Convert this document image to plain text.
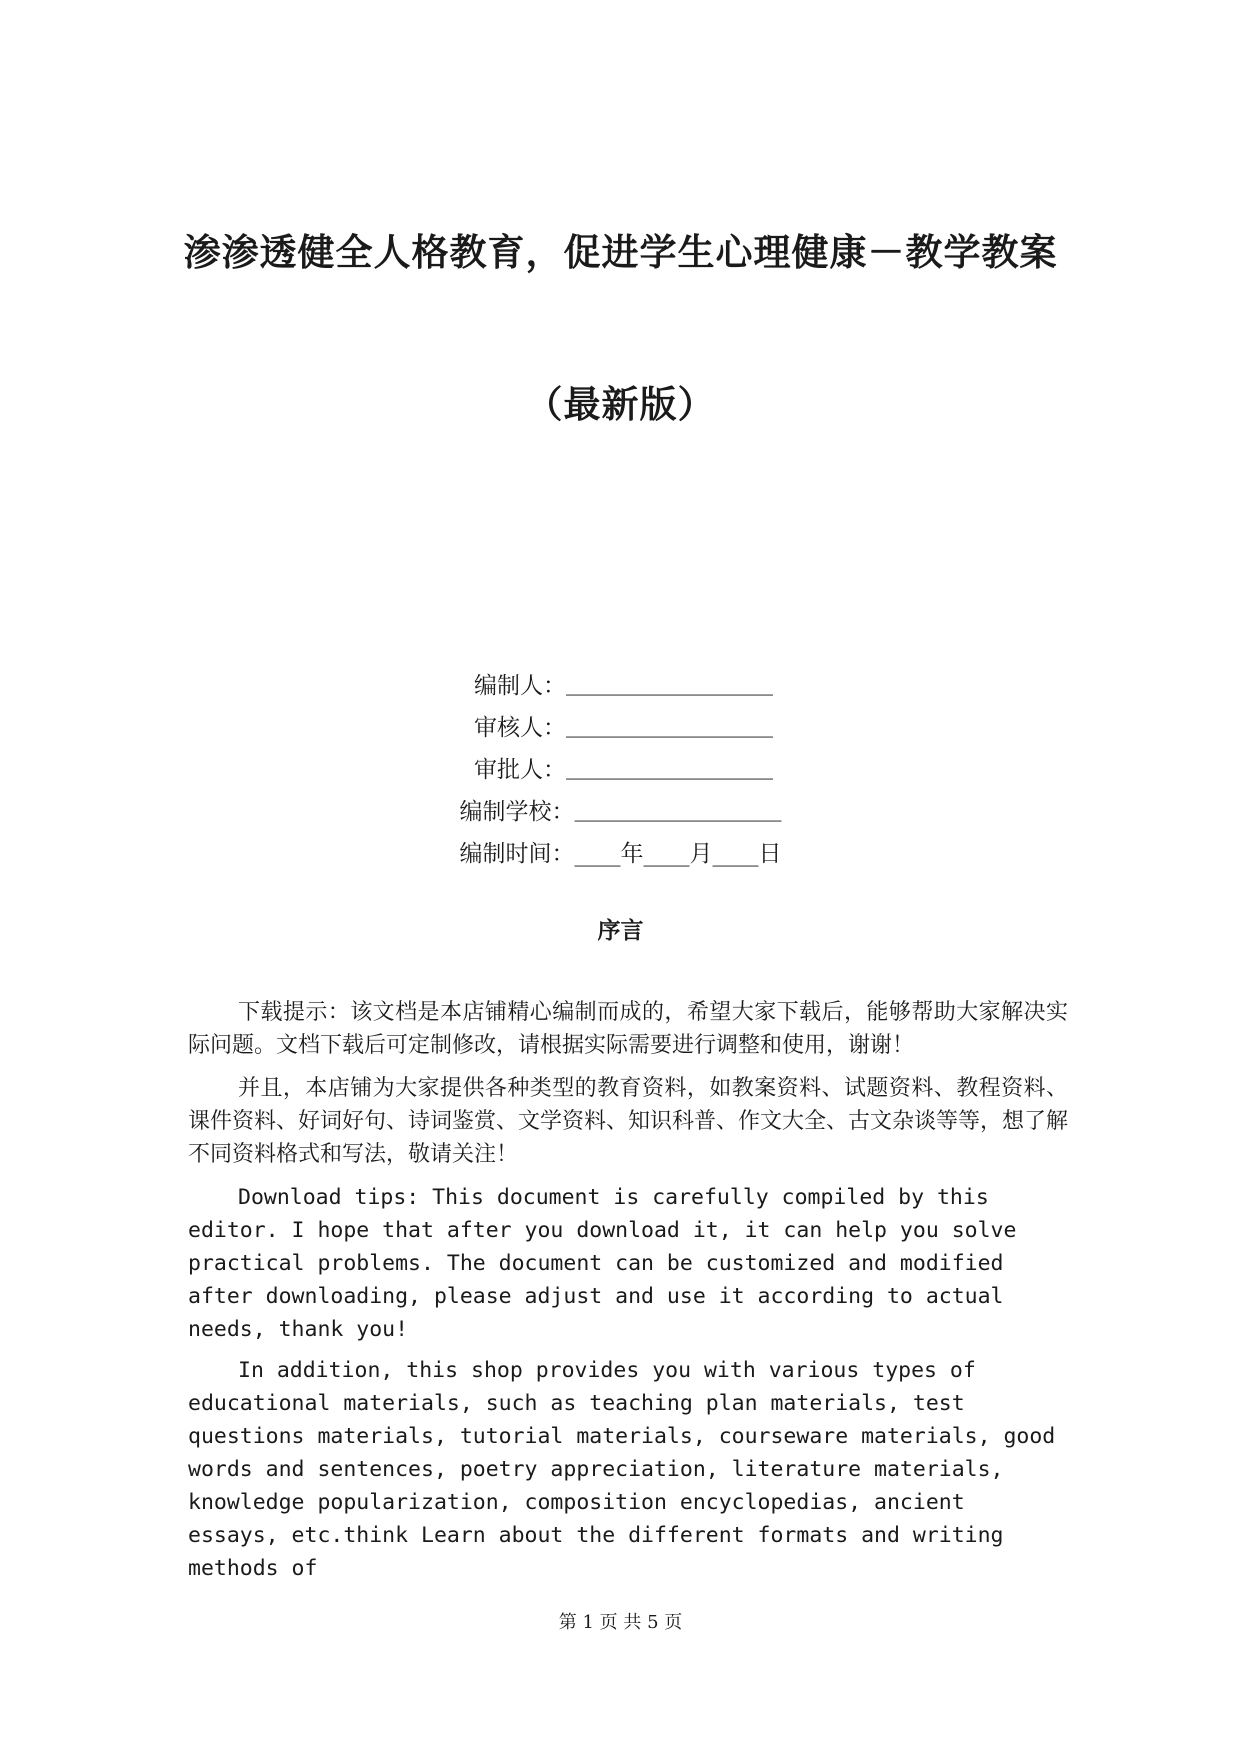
渗渗透健全人格教育，促进学生心理健康－教学教案
（最新版）
编制人： __________________
审核人： __________________
审批人： __________________
编制学校： __________________
编制时间： ____年____月____日
序言

下载提示：该文档是本店铺精心编制而成的，希望大家下载后，能够帮助大家解决实际问题。文档下载后可定制修改，请根据实际需要进行调整和使用，谢谢！

并且，本店铺为大家提供各种类型的教育资料，如教案资料、试题资料、教程资料、课件资料、好词好句、诗词鉴赏、文学资料、知识科普、作文大全、古文杂谈等等，想了解不同资料格式和写法，敬请关注！

Download tips: This document is carefully compiled by this editor. I hope that after you download it, it can help you solve practical problems. The document can be customized and modified after downloading, please adjust and use it according to actual needs, thank you!

In addition, this shop provides you with various types of educational materials, such as teaching plan materials, test questions materials, tutorial materials, courseware materials, good words and sentences, poetry appreciation, literature materials, knowledge popularization, composition encyclopedias, ancient essays, etc.think Learn about the different formats and writing methods of

第 1 页 共 5 页
